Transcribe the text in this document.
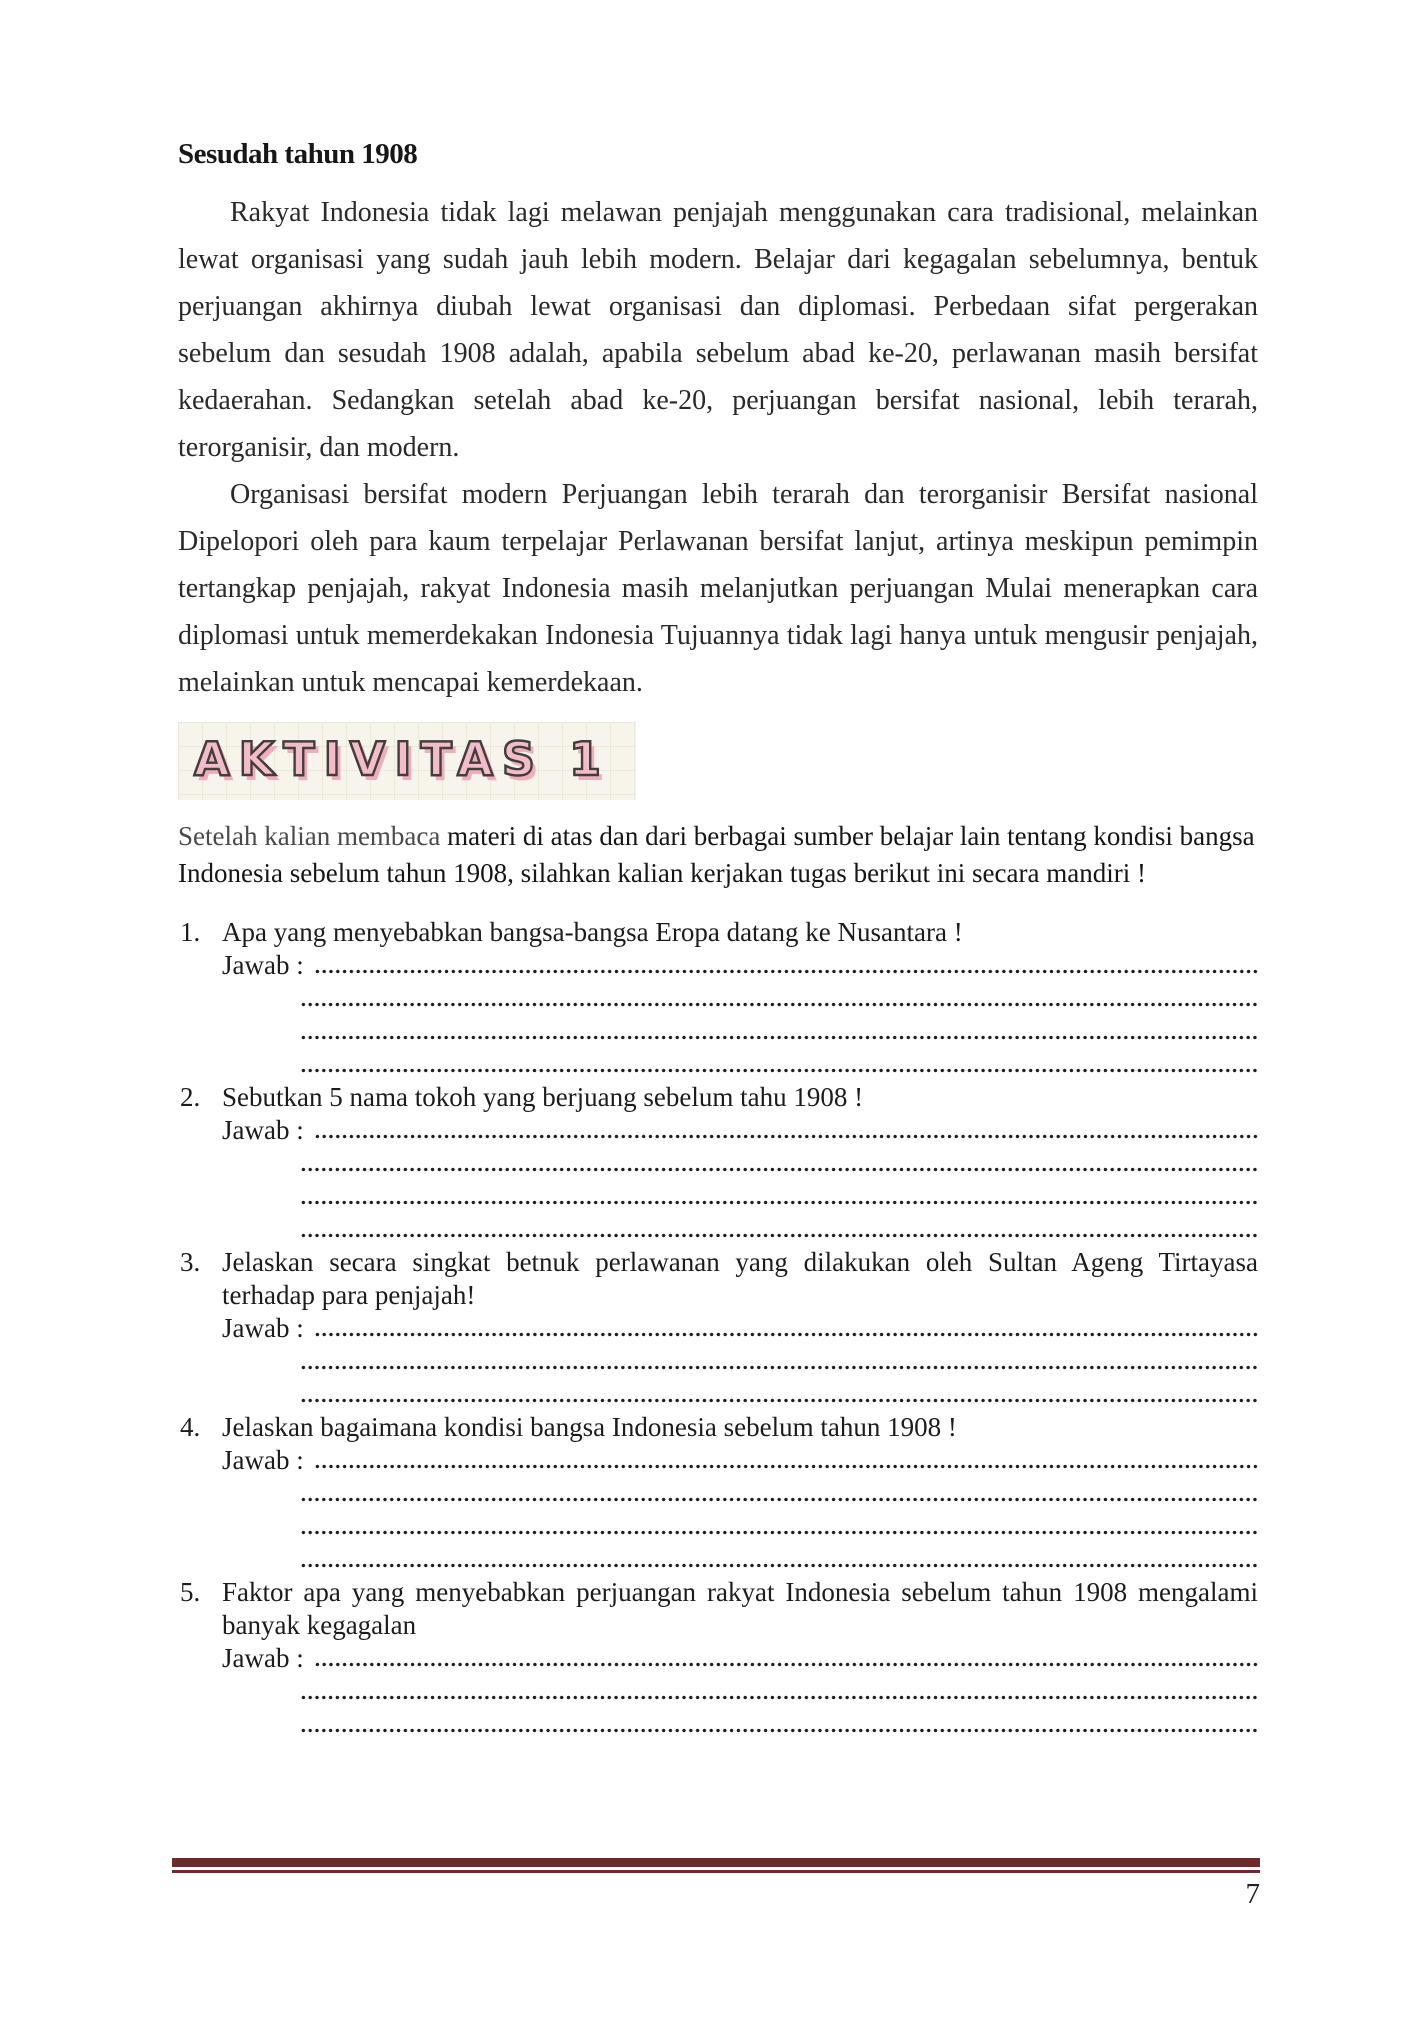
Sesudah tahun 1908

Rakyat Indonesia tidak lagi melawan penjajah menggunakan cara tradisional, melainkan lewat organisasi yang sudah jauh lebih modern. Belajar dari kegagalan sebelumnya, bentuk perjuangan akhirnya diubah lewat organisasi dan diplomasi. Perbedaan sifat pergerakan sebelum dan sesudah 1908 adalah, apabila sebelum abad ke-20, perlawanan masih bersifat kedaerahan. Sedangkan setelah abad ke-20, perjuangan bersifat nasional, lebih terarah, terorganisir, dan modern.

Organisasi bersifat modern Perjuangan lebih terarah dan terorganisir Bersifat nasional Dipelopori oleh para kaum terpelajar Perlawanan bersifat lanjut, artinya meskipun pemimpin tertangkap penjajah, rakyat Indonesia masih melanjutkan perjuangan Mulai menerapkan cara diplomasi untuk memerdekakan Indonesia Tujuannya tidak lagi hanya untuk mengusir penjajah, melainkan untuk mencapai kemerdekaan.

AKTIVITAS 1

Setelah kalian membaca materi di atas dan dari berbagai sumber belajar lain tentang kondisi bangsa Indonesia sebelum tahun 1908, silahkan kalian kerjakan tugas berikut ini secara mandiri !

1. Apa yang menyebabkan bangsa-bangsa Eropa datang ke Nusantara !
Jawab :
2. Sebutkan 5 nama tokoh yang berjuang sebelum tahu 1908 !
Jawab :
3. Jelaskan secara singkat betnuk perlawanan yang dilakukan oleh Sultan Ageng Tirtayasa terhadap para penjajah!
Jawab :
4. Jelaskan bagaimana kondisi bangsa Indonesia sebelum tahun 1908 !
Jawab :
5. Faktor apa yang menyebabkan perjuangan rakyat Indonesia sebelum tahun 1908 mengalami banyak kegagalan
Jawab :
7
